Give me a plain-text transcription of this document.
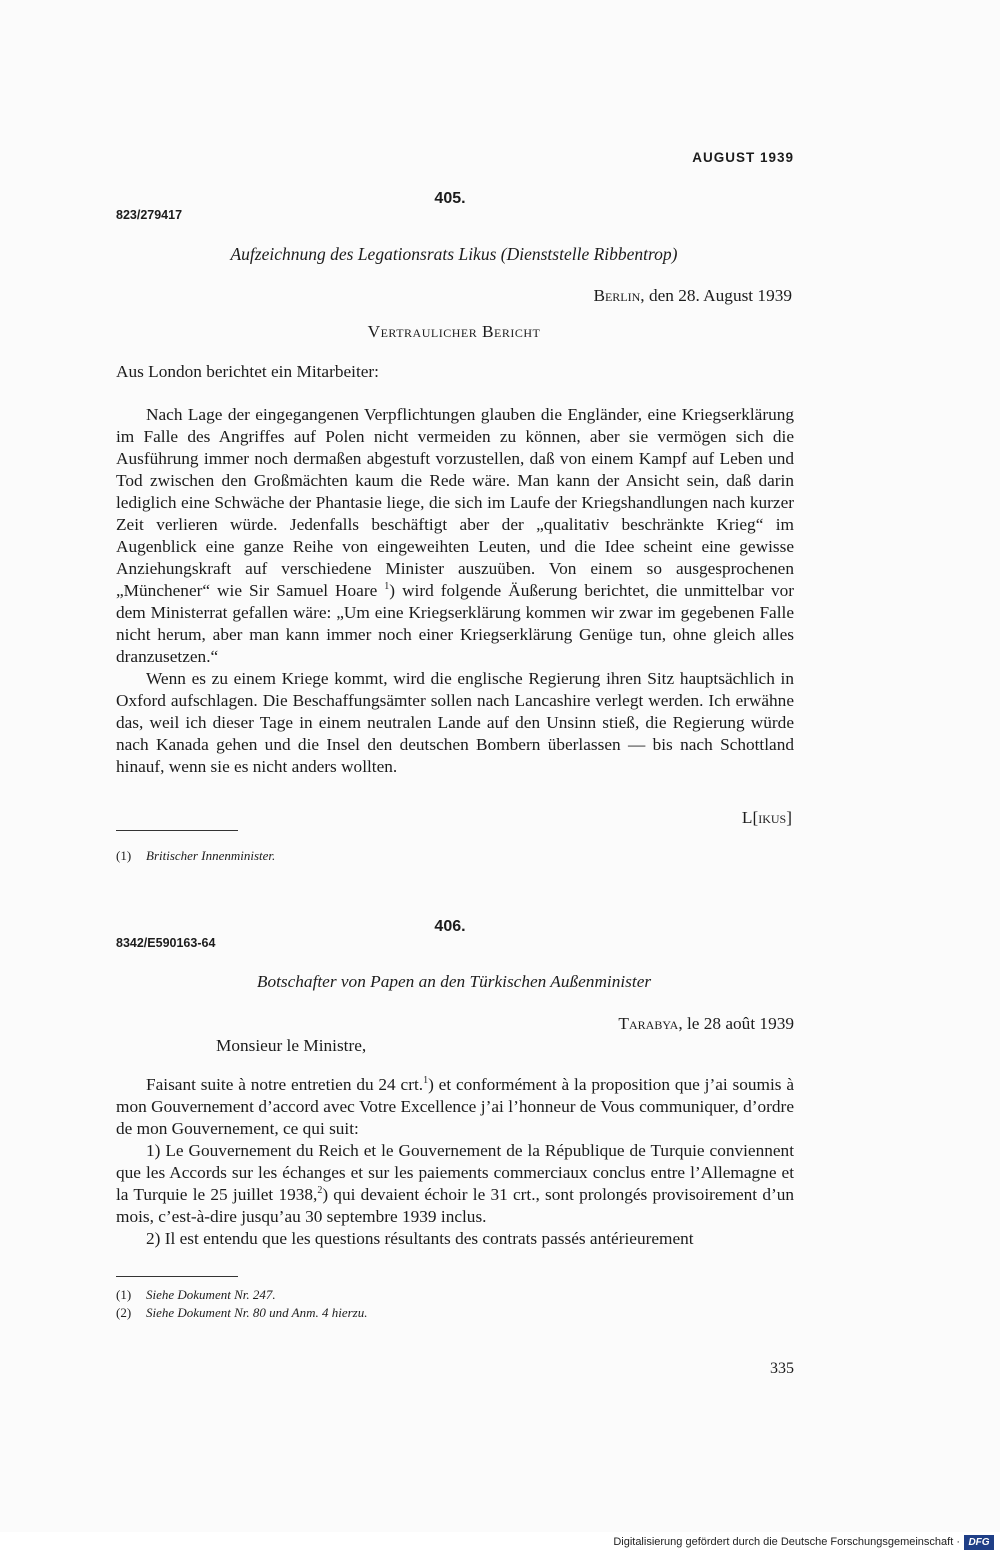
AUGUST 1939
405.
823/279417
Aufzeichnung des Legationsrats Likus (Dienststelle Ribbentrop)
Berlin, den 28. August 1939
Vertraulicher Bericht
Aus London berichtet ein Mitarbeiter:

Nach Lage der eingegangenen Verpflichtungen glauben die Engländer, eine Kriegserklärung im Falle des Angriffes auf Polen nicht vermeiden zu können, aber sie vermögen sich die Ausführung immer noch dermaßen abgestuft vorzustellen, daß von einem Kampf auf Leben und Tod zwischen den Großmächten kaum die Rede wäre. Man kann der Ansicht sein, daß darin lediglich eine Schwäche der Phantasie liege, die sich im Laufe der Kriegshandlungen nach kurzer Zeit verlieren würde. Jedenfalls beschäftigt aber der „qualitativ beschränkte Krieg“ im Augenblick eine ganze Reihe von eingeweihten Leuten, und die Idee scheint eine gewisse Anziehungskraft auf verschiedene Minister auszuüben. Von einem so ausgesprochenen „Münchener“ wie Sir Samuel Hoare $^1$) wird folgende Äußerung berichtet, die unmittelbar vor dem Ministerrat gefallen wäre: „Um eine Kriegserklärung kommen wir zwar im gegebenen Falle nicht herum, aber man kann immer noch einer Kriegserklärung Genüge tun, ohne gleich alles dranzusetzen.“

Wenn es zu einem Kriege kommt, wird die englische Regierung ihren Sitz hauptsächlich in Oxford aufschlagen. Die Beschaffungsämter sollen nach Lancashire verlegt werden. Ich erwähne das, weil ich dieser Tage in einem neutralen Lande auf den Unsinn stieß, die Regierung würde nach Kanada gehen und die Insel den deutschen Bombern überlassen — bis nach Schottland hinauf, wenn sie es nicht anders wollten.

L[ikus]
(1) Britischer Innenminister.
406.
8342/E590163-64
Botschafter von Papen an den Türkischen Außenminister
Tarabya, le 28 août 1939
Monsieur le Ministre,

Faisant suite à notre entretien du 24 crt.$^1$) et conformément à la proposition que j’ai soumis à mon Gouvernement d’accord avec Votre Excellence j’ai l’honneur de Vous communiquer, d’ordre de mon Gouvernement, ce qui suit:

1) Le Gouvernement du Reich et le Gouvernement de la République de Turquie conviennent que les Accords sur les échanges et sur les paiements commerciaux conclus entre l’Allemagne et la Turquie le 25 juillet 1938,$^2$) qui devaient échoir le 31 crt., sont prolongés provisoirement d’un mois, c’est-à-dire jusqu’au 30 septembre 1939 inclus.

2) Il est entendu que les questions résultants des contrats passés antérieurement

(1) Siehe Dokument Nr. 247.
(2) Siehe Dokument Nr. 80 und Anm. 4 hierzu.
335
Digitalisierung gefördert durch die Deutsche Forschungsgemeinschaft · DFG
